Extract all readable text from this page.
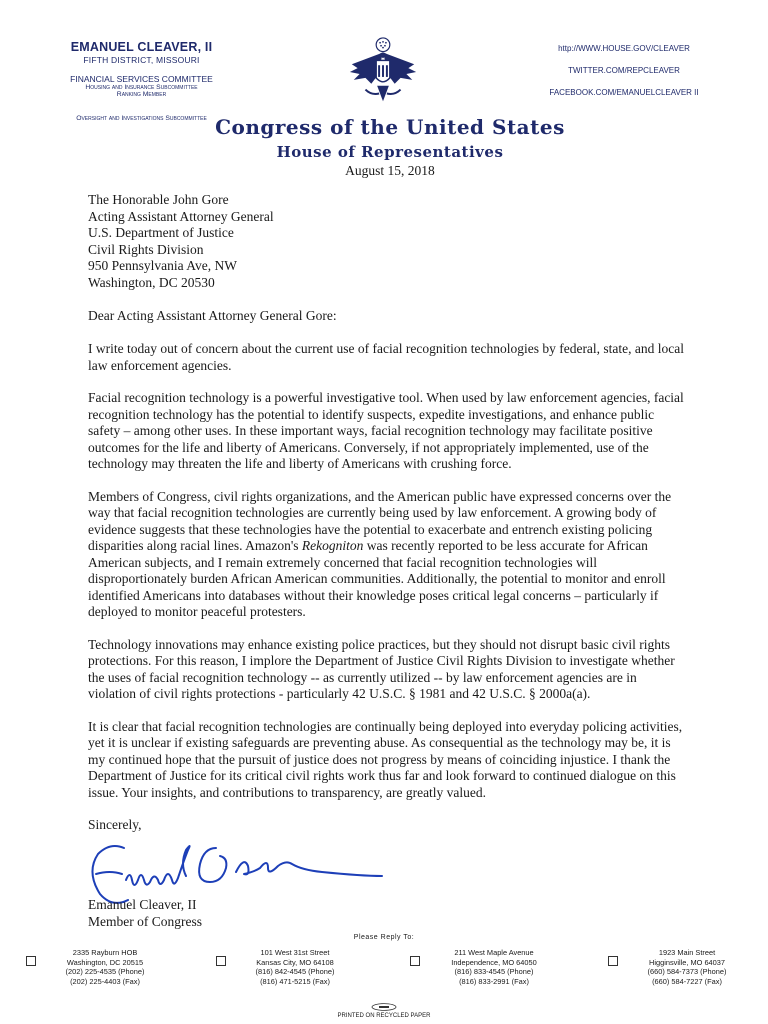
EMANUEL CLEAVER, II
FIFTH DISTRICT, MISSOURI
FINANCIAL SERVICES COMMITTEE
Housing and Insurance Subcommittee
Ranking Member
Oversight and Investigations Subcommittee
http://WWW.HOUSE.GOV/CLEAVER
TWITTER.COM/REPCLEAVER
FACEBOOK.COM/EMANUELCLEAVER II
Congress of the United States
House of Representatives
August 15, 2018

The Honorable John Gore

Acting Assistant Attorney General

U.S. Department of Justice

Civil Rights Division

950 Pennsylvania Ave, NW

Washington, DC 20530

Dear Acting Assistant Attorney General Gore:

I write today out of concern about the current use of facial recognition technologies by federal, state, and local law enforcement agencies.

Facial recognition technology is a powerful investigative tool. When used by law enforcement agencies, facial recognition technology has the potential to identify suspects, expedite investigations, and enhance public safety – among other uses. In these important ways, facial recognition technology may facilitate positive outcomes for the life and liberty of Americans. Conversely, if not appropriately implemented, use of the technology may threaten the life and liberty of Americans with crushing force.

Members of Congress, civil rights organizations, and the American public have expressed concerns over the way that facial recognition technologies are currently being used by law enforcement. A growing body of evidence suggests that these technologies have the potential to exacerbate and entrench existing policing disparities along racial lines. Amazon's Rekogniton was recently reported to be less accurate for African American subjects, and I remain extremely concerned that facial recognition technologies will disproportionately burden African American communities. Additionally, the potential to monitor and enroll identified Americans into databases without their knowledge poses critical legal concerns – particularly if deployed to monitor peaceful protesters.

Technology innovations may enhance existing police practices, but they should not disrupt basic civil rights protections. For this reason, I implore the Department of Justice Civil Rights Division to investigate whether the uses of facial recognition technology -- as currently utilized -- by law enforcement agencies are in violation of civil rights protections - particularly 42 U.S.C. § 1981 and 42 U.S.C. § 2000a(a).

It is clear that facial recognition technologies are continually being deployed into everyday policing activities, yet it is unclear if existing safeguards are preventing abuse. As consequential as the technology may be, it is my continued hope that the pursuit of justice does not progress by means of coinciding injustice. I thank the Department of Justice for its critical civil rights work thus far and look forward to continued dialogue on this issue. Your insights, and contributions to transparency, are greatly valued.

Sincerely,
Emanuel Cleaver, II
Member of Congress
Please Reply To:
2335 Rayburn HOB
Washington, DC 20515
(202) 225-4535 (Phone)
(202) 225-4403 (Fax)
101 West 31st Street
Kansas City, MO 64108
(816) 842-4545 (Phone)
(816) 471-5215 (Fax)
211 West Maple Avenue
Independence, MO 64050
(816) 833-4545 (Phone)
(816) 833-2991 (Fax)
1923 Main Street
Higginsville, MO 64037
(660) 584-7373 (Phone)
(660) 584-7227 (Fax)
PRINTED ON RECYCLED PAPER
